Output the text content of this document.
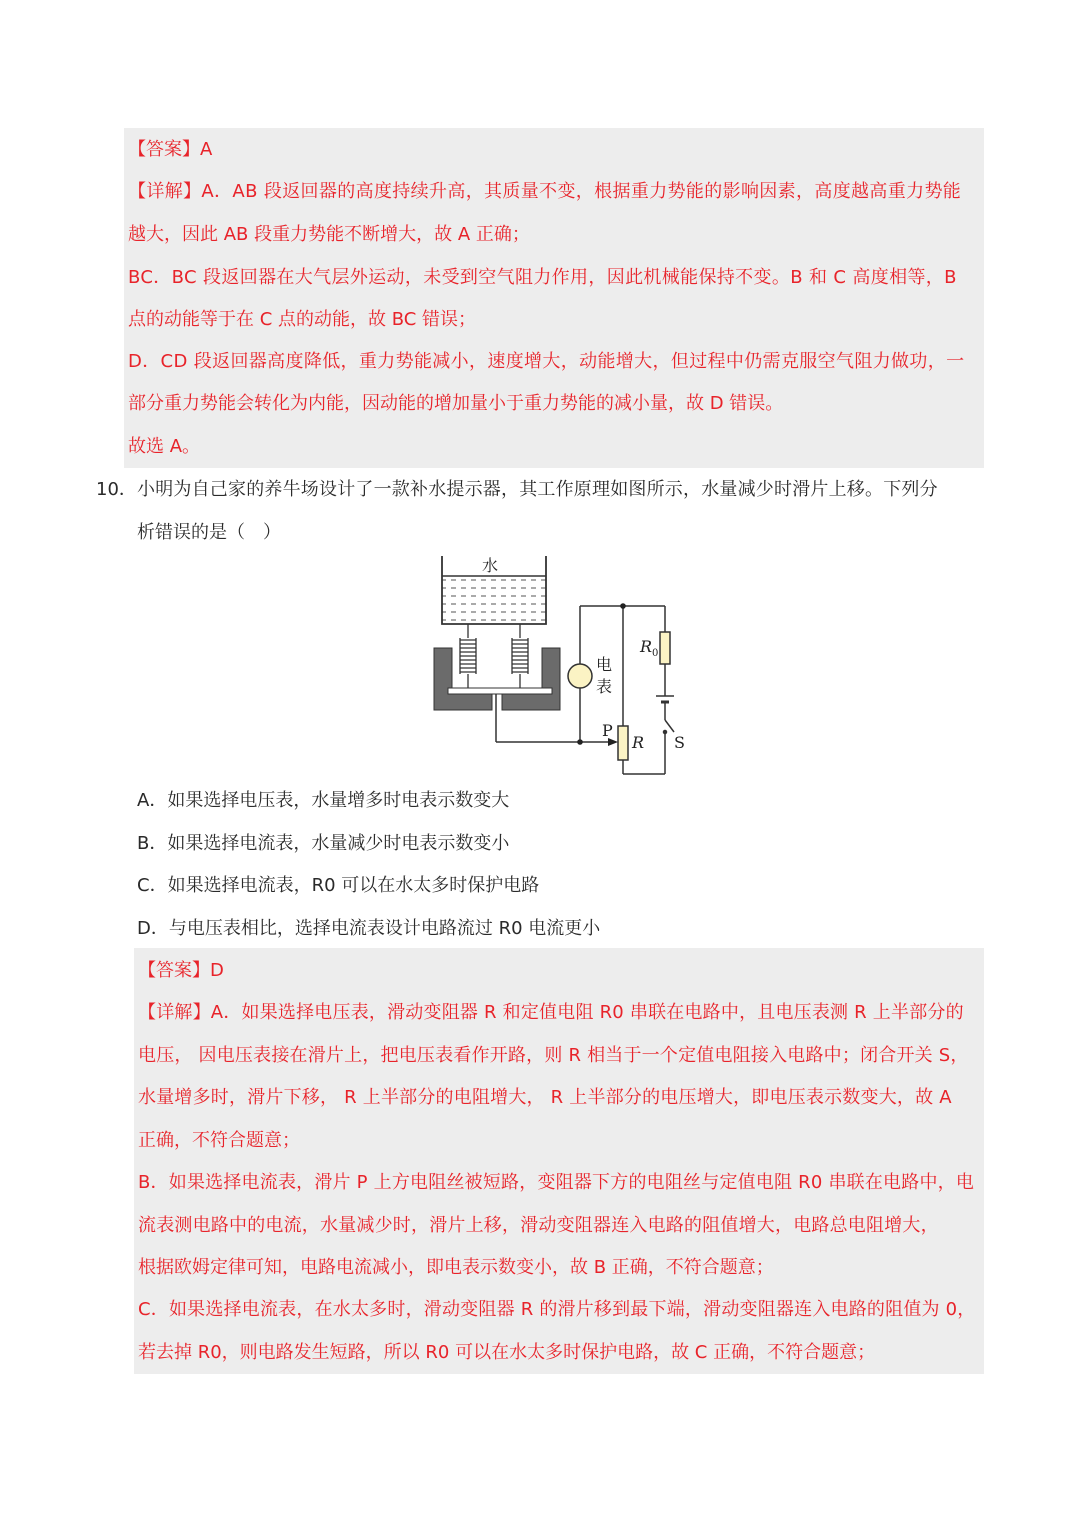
【答案】A
【详解】A．AB 段返回器的高度持续升高，其质量不变，根据重力势能的影响因素，高度越高重力势能
越大，因此 AB 段重力势能不断增大，故 A 正确；
BC．BC 段返回器在大气层外运动，未受到空气阻力作用，因此机械能保持不变。B 和 C 高度相等，B
点的动能等于在 C 点的动能，故 BC 错误；
D．CD 段返回器高度降低，重力势能减小，速度增大，动能增大，但过程中仍需克服空气阻力做功，一
部分重力势能会转化为内能，因动能的增加量小于重力势能的减小量，故 D 错误。
故选 A。
10． 小明为自己家的养牛场设计了一款补水提示器，其工作原理如图所示，水量减少时滑片上移。下列分
析错误的是（　）
水
电
表
$R_0$
S
P
R
A．如果选择电压表，水量增多时电表示数变大
B．如果选择电流表，水量减少时电表示数变小
C．如果选择电流表，R0 可以在水太多时保护电路
D．与电压表相比，选择电流表设计电路流过 R0 电流更小
【答案】D
【详解】A．如果选择电压表，滑动变阻器 R 和定值电阻 R0 串联在电路中，且电压表测 R 上半部分的
电压， 因电压表接在滑片上，把电压表看作开路，则 R 相当于一个定值电阻接入电路中；闭合开关 S，
水量增多时，滑片下移， R 上半部分的电阻增大， R 上半部分的电压增大，即电压表示数变大，故 A
正确，不符合题意；
B．如果选择电流表，滑片 P 上方电阻丝被短路，变阻器下方的电阻丝与定值电阻 R0 串联在电路中，电
流表测电路中的电流，水量减少时，滑片上移，滑动变阻器连入电路的阻值增大，电路总电阻增大，
根据欧姆定律可知，电路电流减小，即电表示数变小，故 B 正确，不符合题意；
C．如果选择电流表，在水太多时，滑动变阻器 R 的滑片移到最下端，滑动变阻器连入电路的阻值为 0，
若去掉 R0，则电路发生短路，所以 R0 可以在水太多时保护电路，故 C 正确，不符合题意；
